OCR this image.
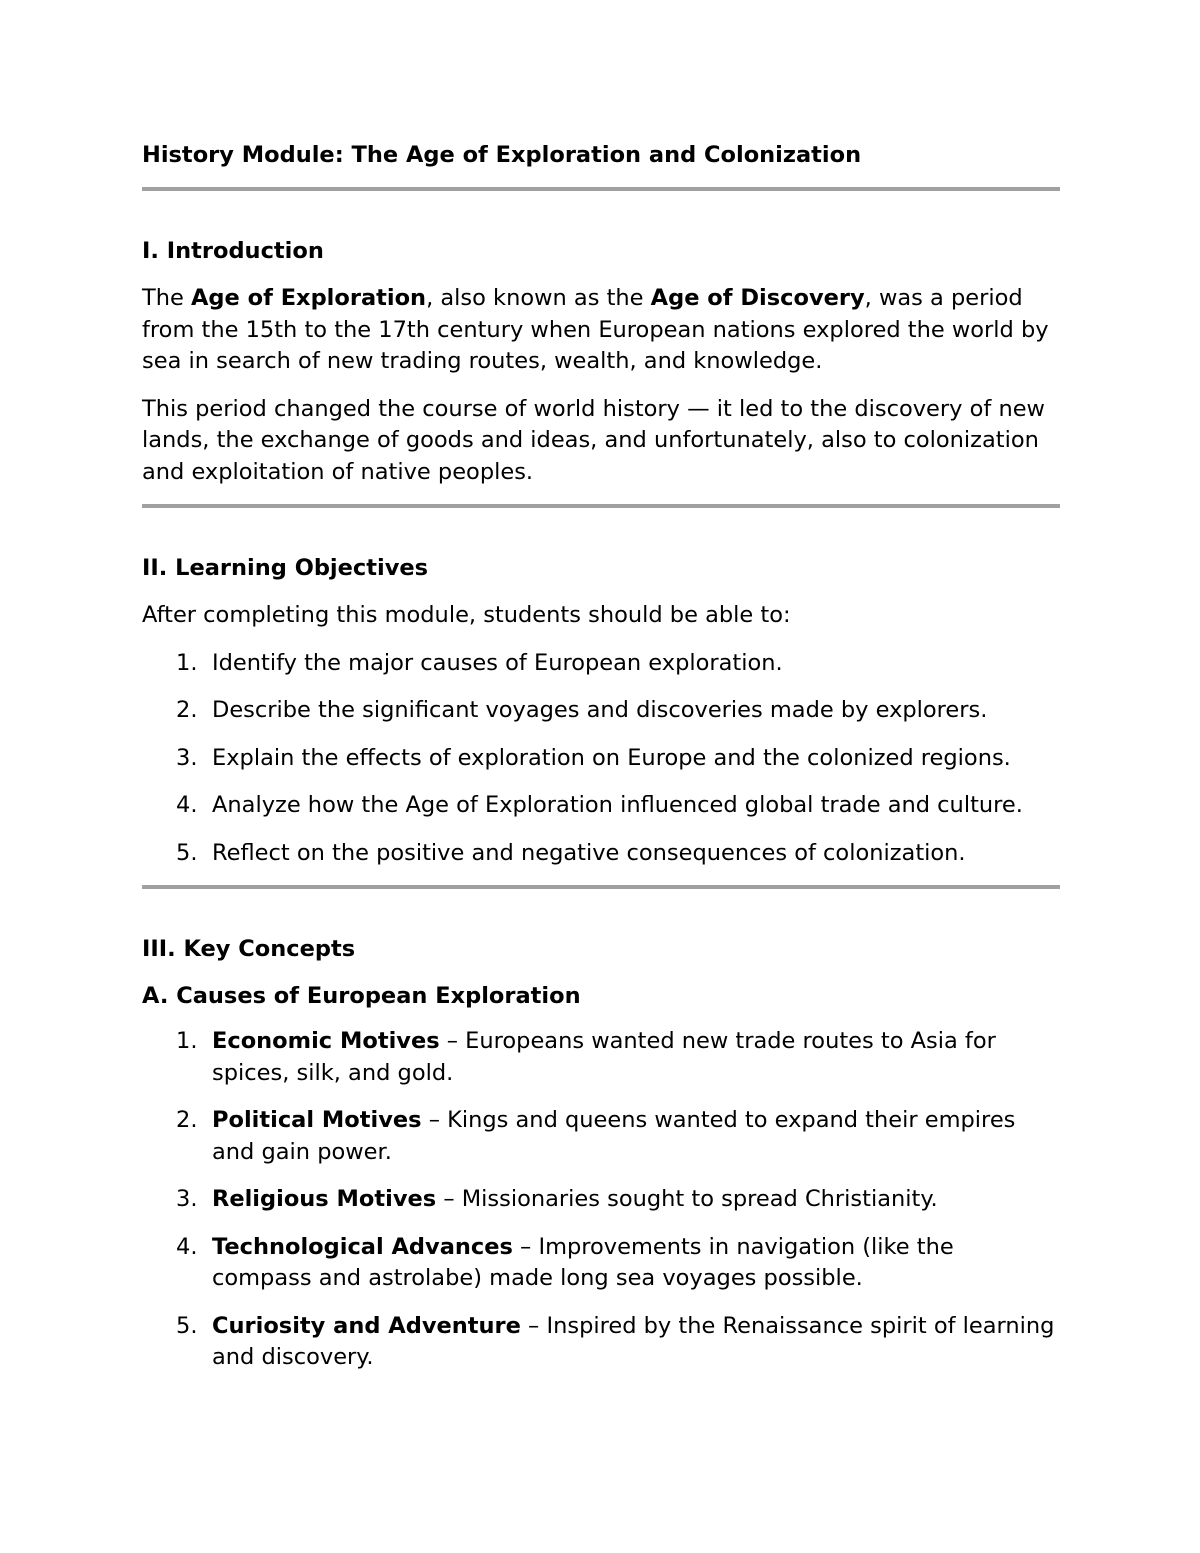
History Module: The Age of Exploration and Colonization
I. Introduction

The Age of Exploration, also known as the Age of Discovery, was a period from the 15th to the 17th century when European nations explored the world by sea in search of new trading routes, wealth, and knowledge.

This period changed the course of world history — it led to the discovery of new lands, the exchange of goods and ideas, and unfortunately, also to colonization and exploitation of native peoples.

II. Learning Objectives

After completing this module, students should be able to:

1. Identify the major causes of European exploration.
2. Describe the significant voyages and discoveries made by explorers.
3. Explain the effects of exploration on Europe and the colonized regions.
4. Analyze how the Age of Exploration influenced global trade and culture.
5. Reflect on the positive and negative consequences of colonization.
III. Key Concepts
A. Causes of European Exploration
1. Economic Motives – Europeans wanted new trade routes to Asia for spices, silk, and gold.
2. Political Motives – Kings and queens wanted to expand their empires and gain power.
3. Religious Motives – Missionaries sought to spread Christianity.
4. Technological Advances – Improvements in navigation (like the compass and astrolabe) made long sea voyages possible.
5. Curiosity and Adventure – Inspired by the Renaissance spirit of learning and discovery.
